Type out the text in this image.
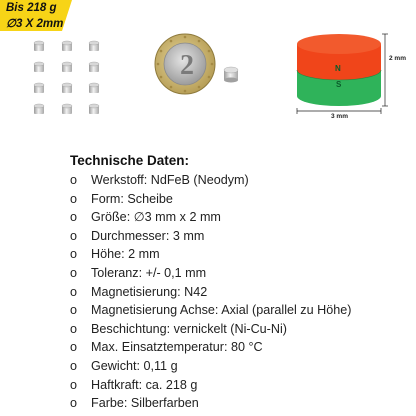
Bis 218 g
∅3 X 2mm
2	N
S
2 mm
3 mm
Technische Daten:
o Werkstoff: NdFeB (Neodym)
o Form: Scheibe
o Größe: ∅3 mm x 2 mm
o Durchmesser: 3 mm
o Höhe: 2 mm
o Toleranz: +/- 0,1 mm
o Magnetisierung: N42
o Magnetisierung Achse: Axial (parallel zu Höhe)
o Beschichtung: vernickelt (Ni-Cu-Ni)
o Max. Einsatztemperatur: 80 °C
o Gewicht: 0,11 g
o Haftkraft: ca. 218 g
o Farbe: Silberfarben
